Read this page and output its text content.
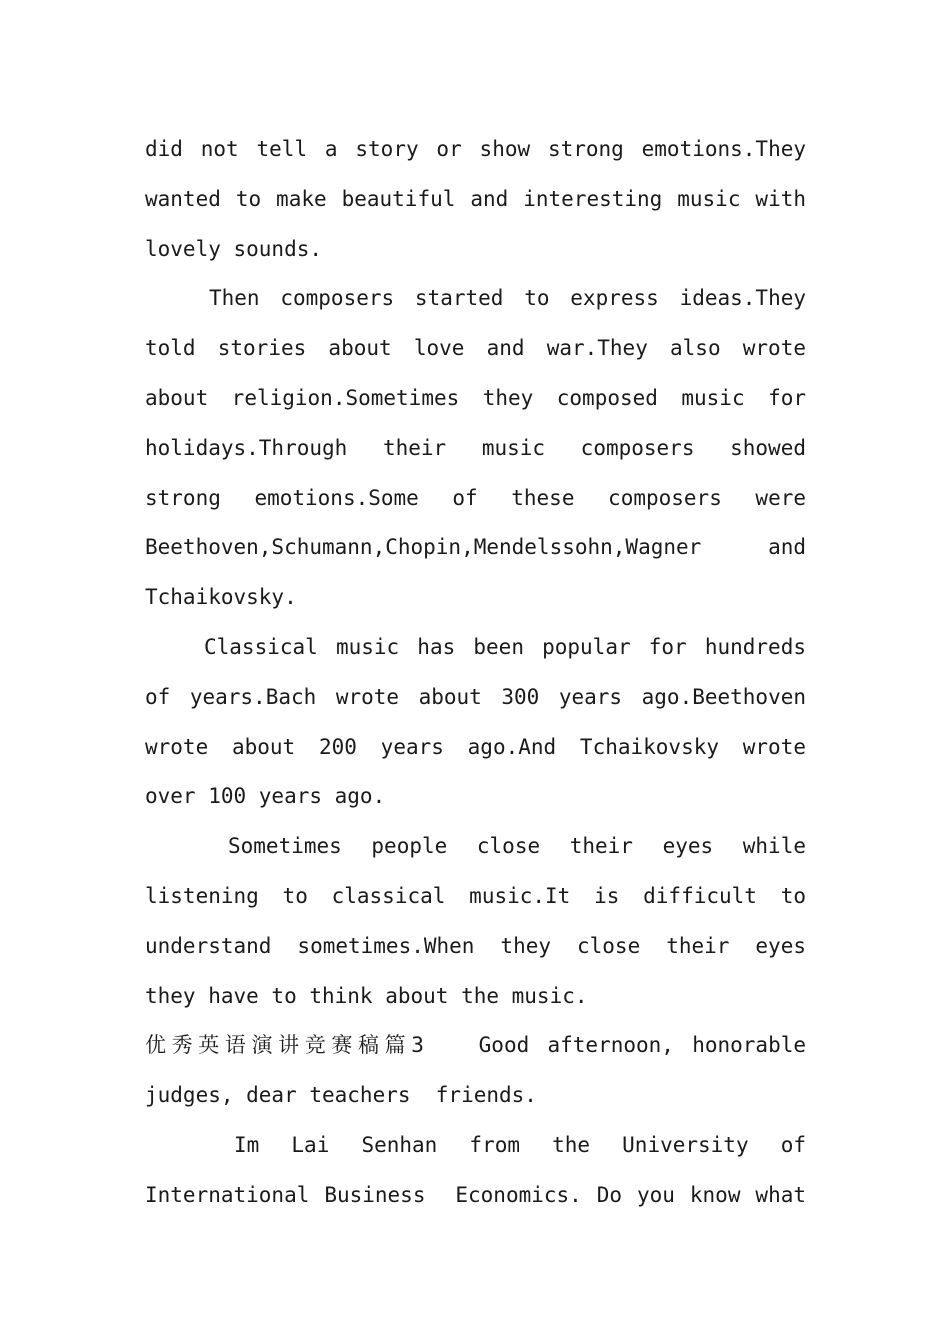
did not tell a story or show strong emotions.They
wanted to make beautiful and interesting music with
lovely sounds.
Then composers started to express ideas.They
told stories about love and war.They also wrote
about religion.Sometimes they composed music for
holidays.Through their music composers showed
strong emotions.Some of these composers were
Beethoven,Schumann,Chopin,Mendelssohn,Wagner    and
Tchaikovsky.
Classical music has been popular for hundreds
of years.Bach wrote about 300 years ago.Beethoven
wrote about 200 years ago.And Tchaikovsky wrote
over 100 years ago.
Sometimes people close their eyes while
listening to classical music.It is difficult to
understand sometimes.When they close their eyes
they have to think about the music.
优秀英语演讲竞赛稿篇3   Good afternoon, honorable
judges, dear teachers  friends.
Im Lai Senhan from the University of
International Business  Economics. Do you know what
